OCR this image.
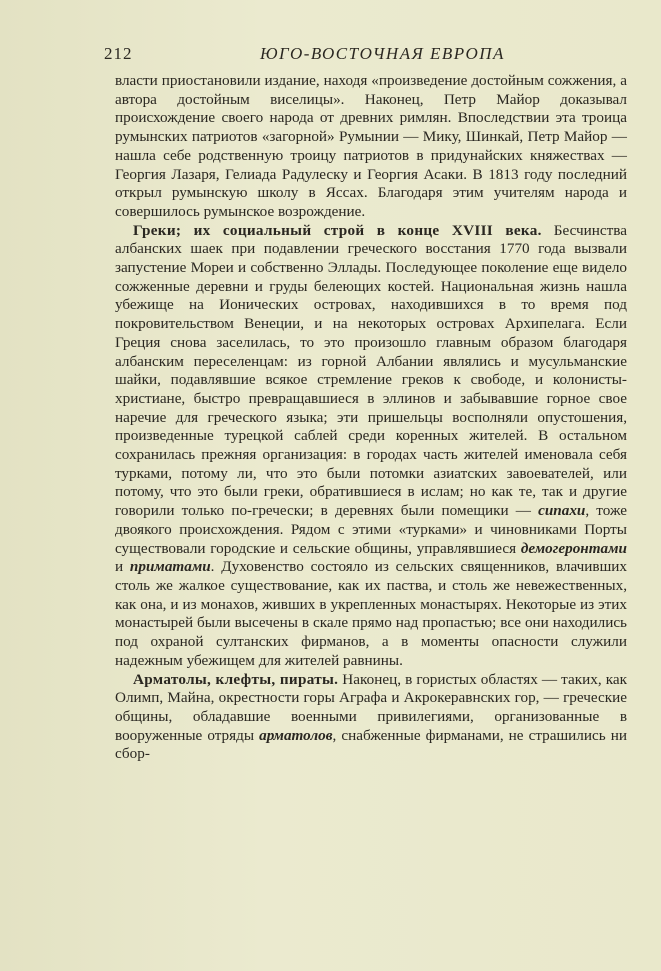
212	ЮГО-ВОСТОЧНАЯ ЕВРОПА

власти приостановили издание, находя «произведение достойным сожжения, а автора достойным виселицы». Наконец, Петр Майор доказывал происхождение своего народа от древних римлян. Впоследствии эта троица румынских патриотов «загорной» Румынии — Мику, Шинкай, Петр Майор — нашла себе родственную троицу патриотов в придунайских княжествах — Георгия Лазаря, Гелиада Радулеску и Георгия Асаки. В 1813 году последний открыл румынскую школу в Яссах. Благодаря этим учителям народа и совершилось румынское возрождение.

Греки; их социальный строй в конце XVIII века. Бесчинства албанских шаек при подавлении греческого восстания 1770 года вызвали запустение Мореи и собственно Эллады. Последующее поколение еще видело сожженные деревни и груды белеющих костей. Национальная жизнь нашла убежище на Ионических островах, находившихся в то время под покровительством Венеции, и на некоторых островах Архипелага. Если Греция снова заселилась, то это произошло главным образом благодаря албанским переселенцам: из горной Албании являлись и мусульманские шайки, подавлявшие всякое стремление греков к свободе, и колонисты-христиане, быстро превращавшиеся в эллинов и забывавшие горное свое наречие для греческого языка; эти пришельцы восполняли опустошения, произведенные турецкой саблей среди коренных жителей. В остальном сохранилась прежняя организация: в городах часть жителей именовала себя турками, потому ли, что это были потомки азиатских завоевателей, или потому, что это были греки, обратившиеся в ислам; но как те, так и другие говорили только по-гречески; в деревнях были помещики — сипахи, тоже двоякого происхождения. Рядом с этими «турками» и чиновниками Порты существовали городские и сельские общины, управлявшиеся демогеронтами и приматами. Духовенство состояло из сельских священников, влачивших столь же жалкое существование, как их паства, и столь же невежественных, как она, и из монахов, живших в укрепленных монастырях. Некоторые из этих монастырей были высечены в скале прямо над пропастью; все они находились под охраной султанских фирманов, а в моменты опасности служили надежным убежищем для жителей равнины.

Арматолы, клефты, пираты. Наконец, в гористых областях — таких, как Олимп, Майна, окрестности горы Аграфа и Акрокеравнских гор, — греческие общины, обладавшие военными привилегиями, организованные в вооруженные отряды арматолов, снабженные фирманами, не страшились ни сбор-
